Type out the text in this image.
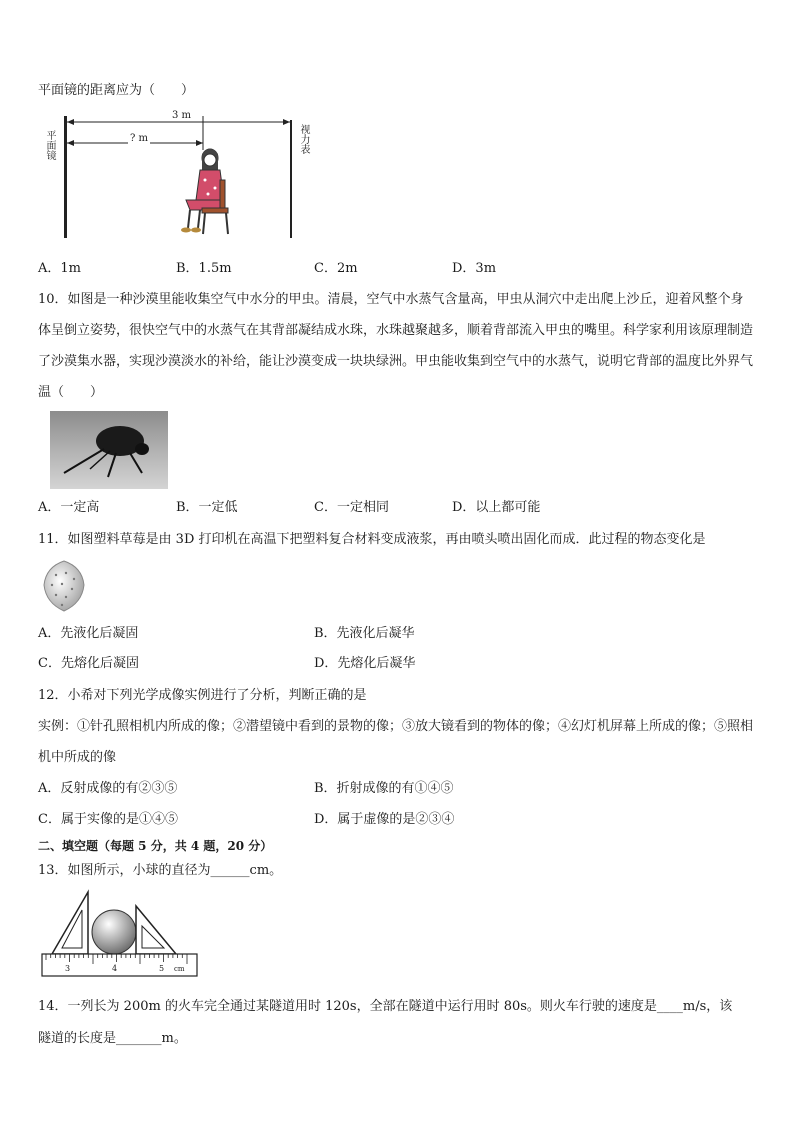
平面镜的距离应为（　　）
3 m
? m
平面镜	视力表
A．1m	B．1.5m	C．2m	D．3m
10．如图是一种沙漠里能收集空气中水分的甲虫。清晨，空气中水蒸气含量高，甲虫从洞穴中走出爬上沙丘，迎着风整个身体呈倒立姿势，很快空气中的水蒸气在其背部凝结成水珠，水珠越聚越多，顺着背部流入甲虫的嘴里。科学家利用该原理制造了沙漠集水器，实现沙漠淡水的补给，能让沙漠变成一块块绿洲。甲虫能收集到空气中的水蒸气，说明它背部的温度比外界气温（　　）
A．一定高	B．一定低	C．一定相同	D．以上都可能
11．如图塑料草莓是由 3D 打印机在高温下把塑料复合材料变成液浆，再由喷头喷出固化而成．此过程的物态变化是
A．先液化后凝固	B．先液化后凝华
C．先熔化后凝固	D．先熔化后凝华
12．小希对下列光学成像实例进行了分析，判断正确的是
实例：①针孔照相机内所成的像；②潜望镜中看到的景物的像；③放大镜看到的物体的像；④幻灯机屏幕上所成的像；⑤照相机中所成的像
A．反射成像的有②③⑤	B．折射成像的有①④⑤
C．属于实像的是①④⑤	D．属于虚像的是②③④
二、填空题（每题 5 分，共 4 题，20 分）
13．如图所示，小球的直径为______cm。
3	4	5 cm
14．一列长为 200m 的火车完全通过某隧道用时 120s，全部在隧道中运行用时 80s。则火车行驶的速度是____m/s，该
隧道的长度是_______m。
